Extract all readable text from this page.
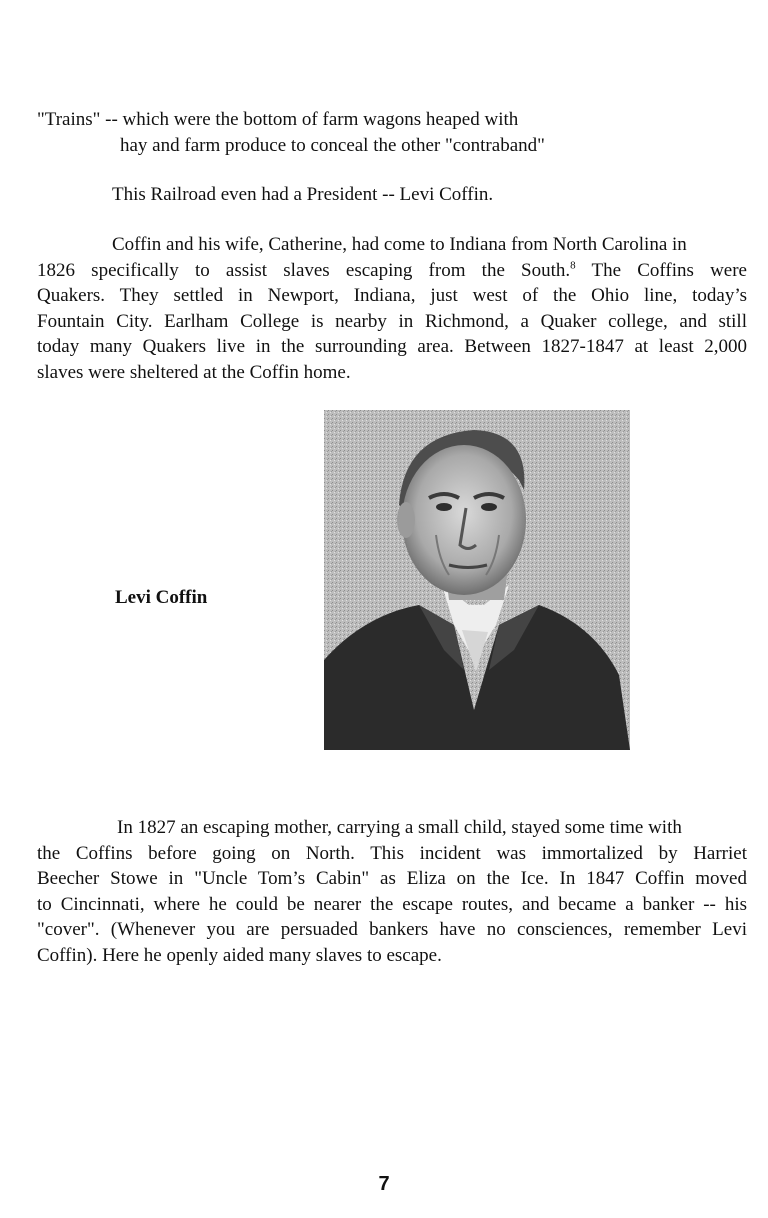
"Trains" -- which were the bottom of farm wagons heaped with
hay and farm produce to conceal the other "contraband"
This Railroad even had a President -- Levi Coffin.
Coffin and his wife, Catherine, had come to Indiana from North Carolina in
1826 specifically to assist slaves escaping from the South.$^8$ The Coffins were
Quakers. They settled in Newport, Indiana, just west of the Ohio line, today’s
Fountain City. Earlham College is nearby in Richmond, a Quaker college, and still
today many Quakers live in the surrounding area. Between 1827-1847 at least 2,000
slaves were sheltered at the Coffin home.
Levi Coffin
In 1827 an escaping mother, carrying a small child, stayed some time with
the Coffins before going on North. This incident was immortalized by Harriet
Beecher Stowe in "Uncle Tom’s Cabin" as Eliza on the Ice. In 1847 Coffin moved
to Cincinnati, where he could be nearer the escape routes, and became a banker -- his
"cover". (Whenever you are persuaded bankers have no consciences, remember Levi
Coffin). Here he openly aided many slaves to escape.
7
